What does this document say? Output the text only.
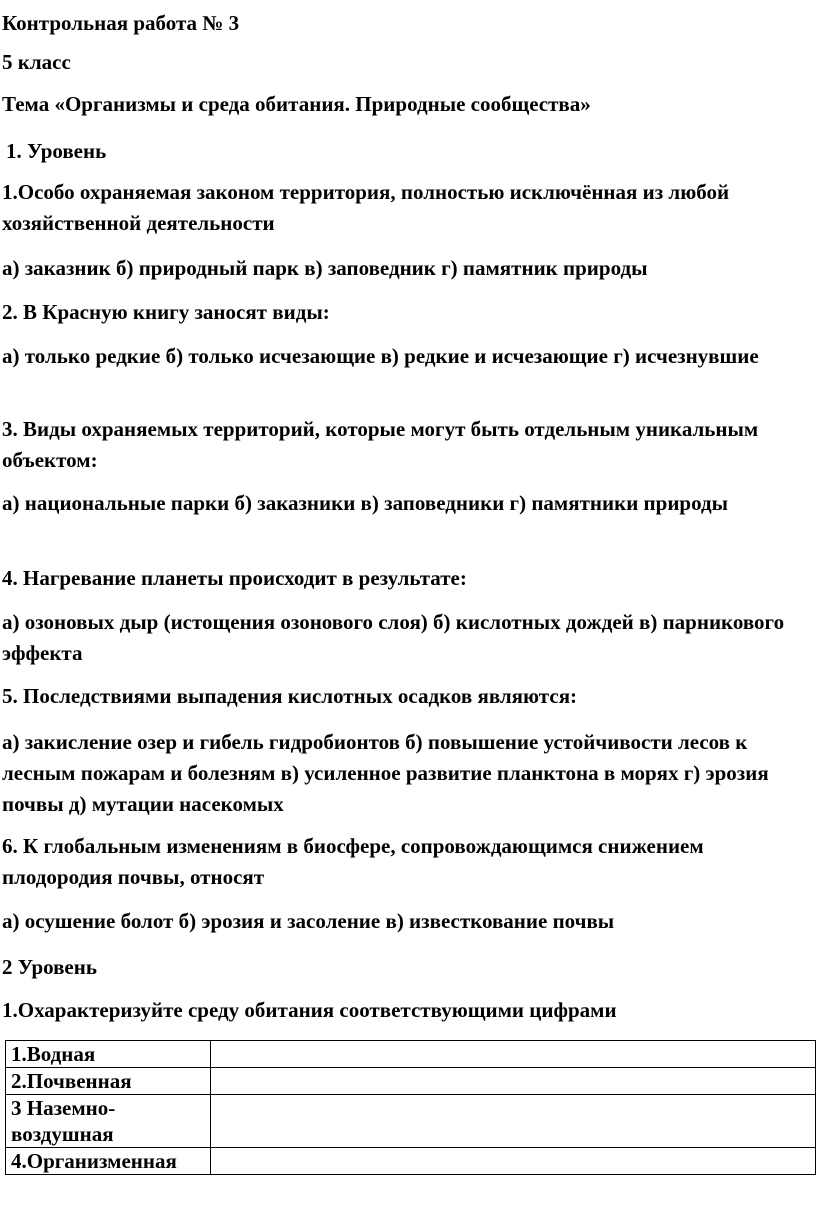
Контрольная работа № 3

5 класс

Тема «Организмы и среда обитания. Природные сообщества»

1. Уровень

1.Особо охраняемая законом территория, полностью исключённая из любой хозяйственной деятельности

а) заказник б) природный парк в) заповедник г) памятник природы

2. В Красную книгу заносят виды:

а) только редкие б) только исчезающие в) редкие и исчезающие г) исчезнувшие

3. Виды охраняемых территорий, которые могут быть отдельным уникальным объектом:

а) национальные парки б) заказники в) заповедники г) памятники природы

4. Нагревание планеты происходит в результате:

а) озоновых дыр (истощения озонового слоя) б) кислотных дождей в) парникового эффекта

5. Последствиями выпадения кислотных осадков являются:

а) закисление озер и гибель гидробионтов б) повышение устойчивости лесов к лесным пожарам и болезням в) усиленное развитие планктона в морях г) эрозия почвы д) мутации насекомых

6. К глобальным изменениям в биосфере, сопровождающимся снижением плодородия почвы, относят

а) осушение болот б) эрозия и засоление в) известкование почвы

2 Уровень

1.Охарактеризуйте среду обитания соответствующими цифрами

1.Водная	
2.Почвенная	
3 Наземно-воздушная	
4.Организменная	
